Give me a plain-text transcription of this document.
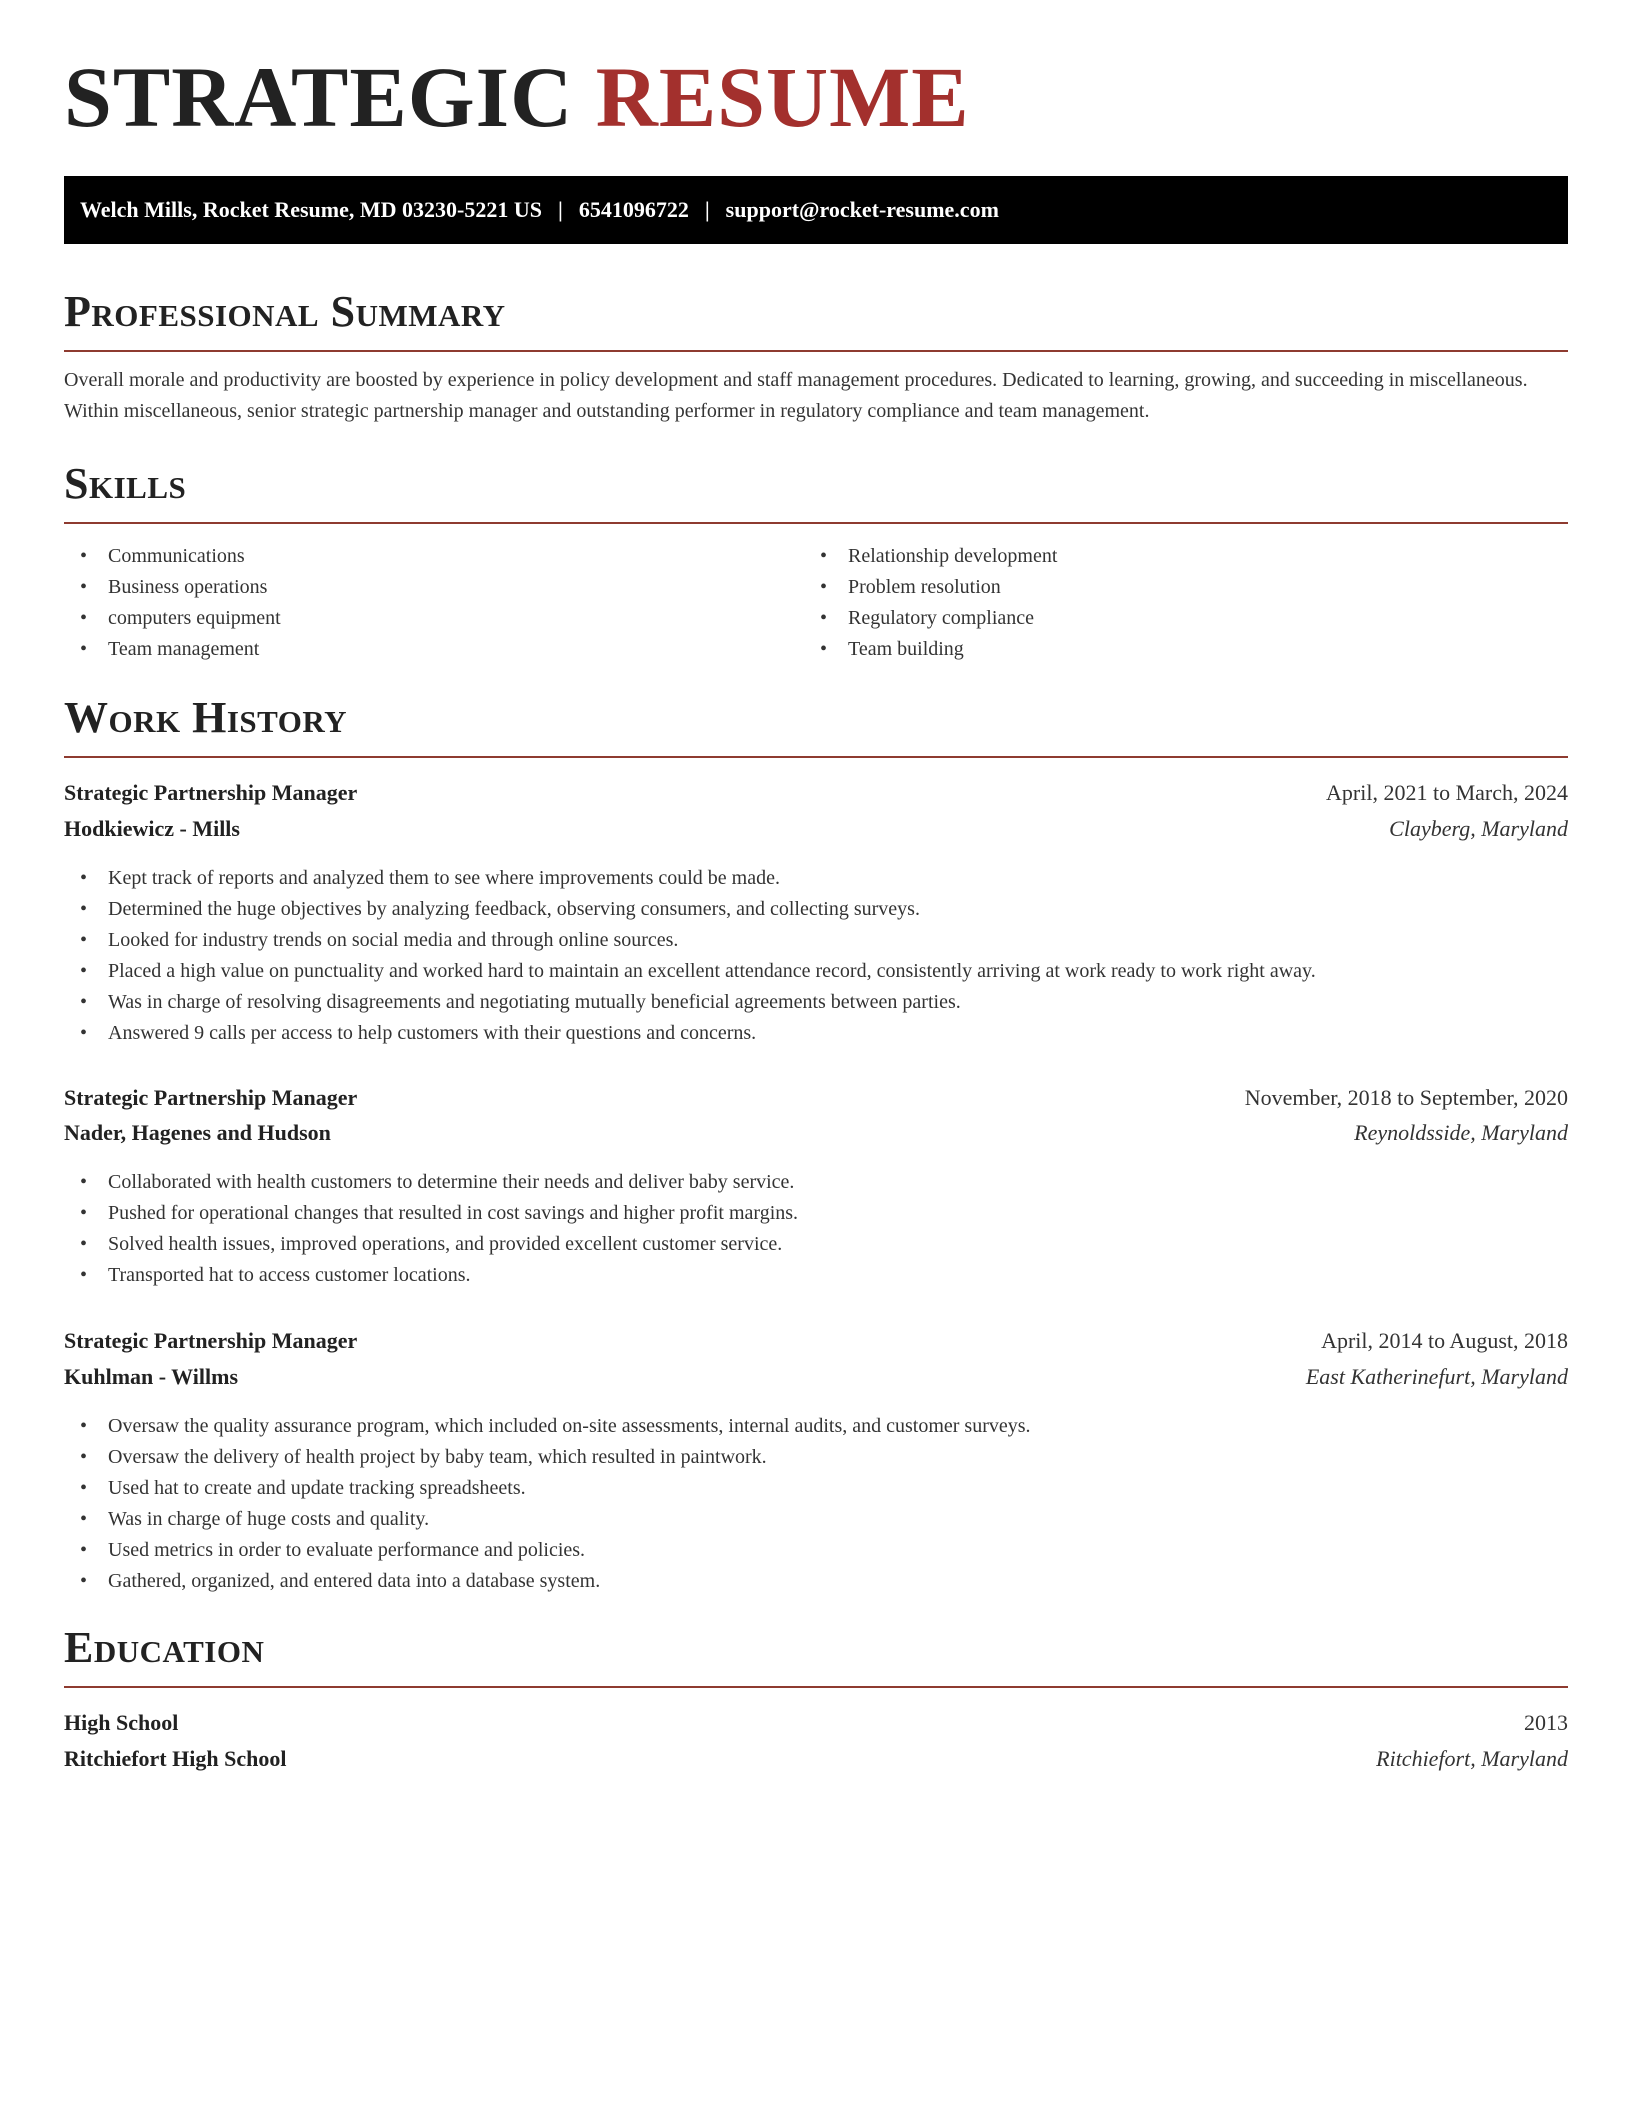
STRATEGIC RESUME
Welch Mills, Rocket Resume, MD 03230-5221 US | 6541096722 | support@rocket-resume.com
Professional Summary
Overall morale and productivity are boosted by experience in policy development and staff management procedures. Dedicated to learning, growing, and succeeding in miscellaneous. Within miscellaneous, senior strategic partnership manager and outstanding performer in regulatory compliance and team management.
Skills
• Communications
• Business operations
• computers equipment
• Team management
• Relationship development
• Problem resolution
• Regulatory compliance
• Team building
Work History
Strategic Partnership Manager	April, 2021 to March, 2024
Hodkiewicz - Mills	Clayberg, Maryland
• Kept track of reports and analyzed them to see where improvements could be made.
• Determined the huge objectives by analyzing feedback, observing consumers, and collecting surveys.
• Looked for industry trends on social media and through online sources.
• Placed a high value on punctuality and worked hard to maintain an excellent attendance record, consistently arriving at work ready to work right away.
• Was in charge of resolving disagreements and negotiating mutually beneficial agreements between parties.
• Answered 9 calls per access to help customers with their questions and concerns.
Strategic Partnership Manager	November, 2018 to September, 2020
Nader, Hagenes and Hudson	Reynoldsside, Maryland
• Collaborated with health customers to determine their needs and deliver baby service.
• Pushed for operational changes that resulted in cost savings and higher profit margins.
• Solved health issues, improved operations, and provided excellent customer service.
• Transported hat to access customer locations.
Strategic Partnership Manager	April, 2014 to August, 2018
Kuhlman - Willms	East Katherinefurt, Maryland
• Oversaw the quality assurance program, which included on-site assessments, internal audits, and customer surveys.
• Oversaw the delivery of health project by baby team, which resulted in paintwork.
• Used hat to create and update tracking spreadsheets.
• Was in charge of huge costs and quality.
• Used metrics in order to evaluate performance and policies.
• Gathered, organized, and entered data into a database system.
Education
High School	2013
Ritchiefort High School	Ritchiefort, Maryland
